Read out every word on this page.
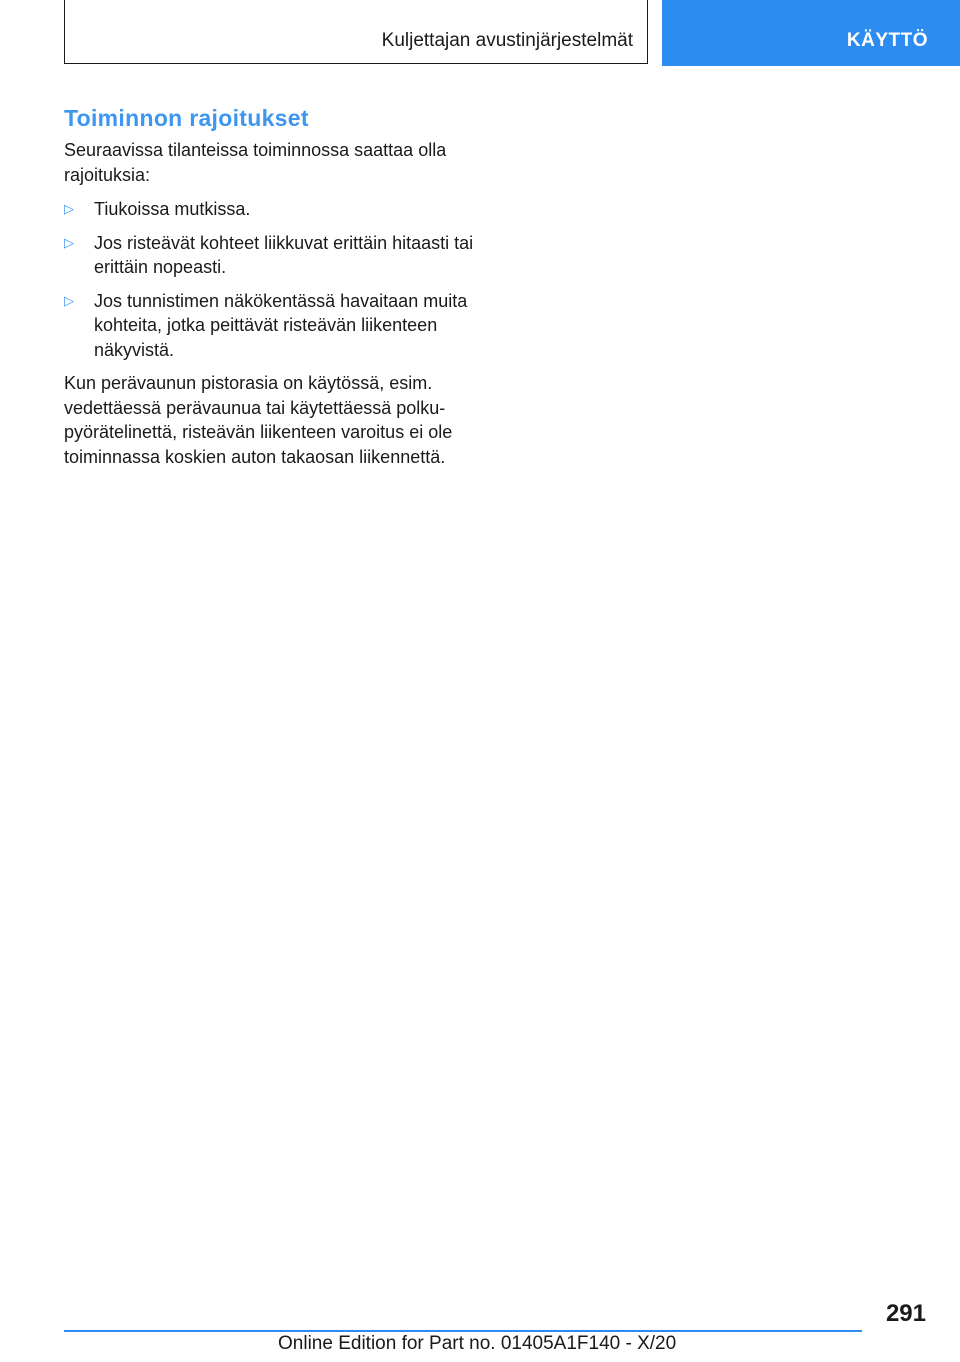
Kuljettajan avustinjärjestelmät	KÄYTTÖ
Toiminnon rajoitukset

Seuraavissa tilanteissa toiminnossa saattaa olla rajoituksia:

▷ Tiukoissa mutkissa.
▷ Jos risteävät kohteet liikkuvat erittäin hitaasti tai erittäin nopeasti.
▷ Jos tunnistimen näkökentässä havaitaan muita kohteita, jotka peittävät risteävän liikenteen näkyvistä.

Kun perävaunun pistorasia on käytössä, esim. vedettäessä perävaunua tai käytettäessä polkupyörätelinettä, risteävän liikenteen varoitus ei ole toiminnassa koskien auton takaosan liikennettä.

291
Online Edition for Part no. 01405A1F140 - X/20
